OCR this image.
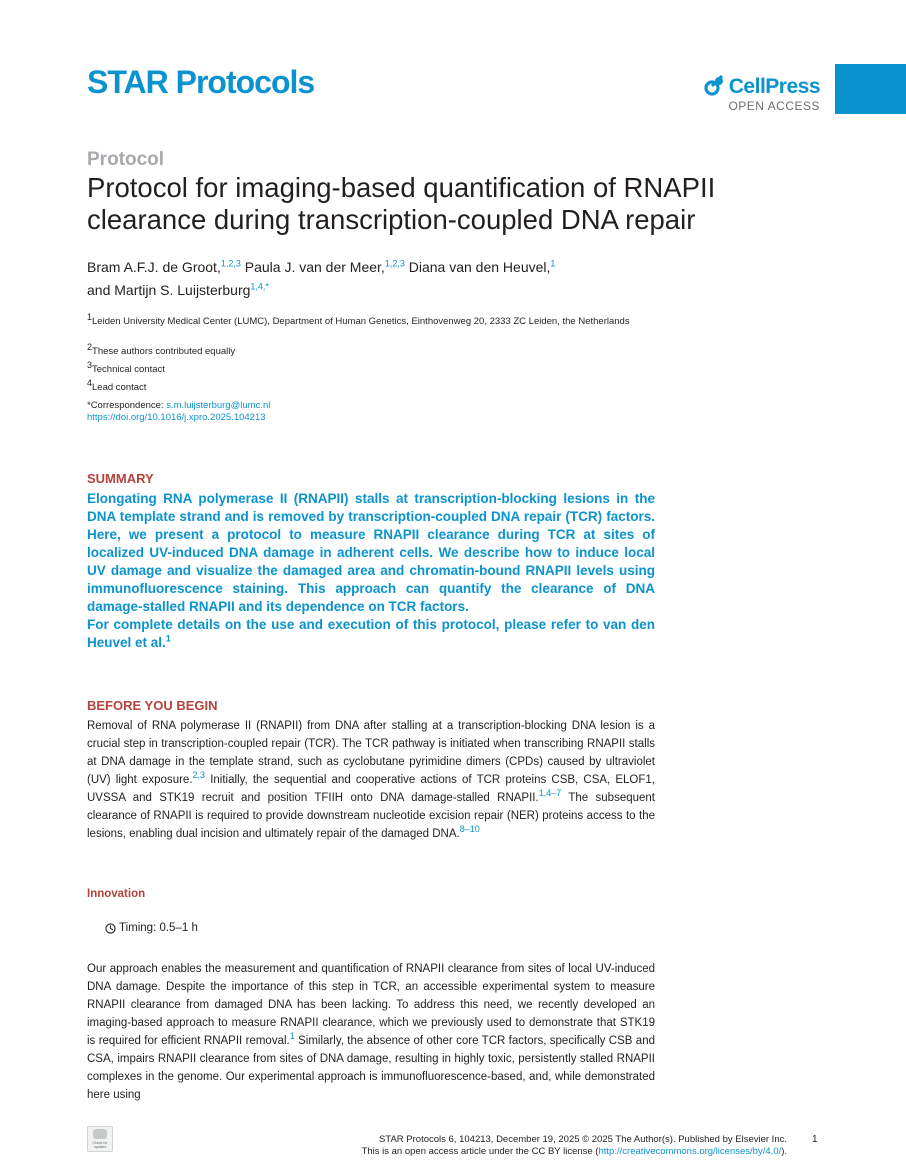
STAR Protocols	CellPress
OPEN ACCESS
Protocol
Protocol for imaging-based quantification of RNAPII clearance during transcription-coupled DNA repair
Bram A.F.J. de Groot,$^{1,2,3}$ Paula J. van der Meer,$^{1,2,3}$ Diana van den Heuvel,$^1$
and Martijn S. Luijsterburg$^{1,4,*}$
$^1$Leiden University Medical Center (LUMC), Department of Human Genetics, Einthovenweg 20, 2333 ZC Leiden, the Netherlands
$^2$These authors contributed equally
$^3$Technical contact
$^4$Lead contact
*Correspondence: s.m.luijsterburg@lumc.nl
https://doi.org/10.1016/j.xpro.2025.104213
SUMMARY

Elongating RNA polymerase II (RNAPII) stalls at transcription-blocking lesions in the DNA template strand and is removed by transcription-coupled DNA repair (TCR) factors. Here, we present a protocol to measure RNAPII clearance during TCR at sites of localized UV-induced DNA damage in adherent cells. We describe how to induce local UV damage and visualize the damaged area and chromatin-bound RNAPII levels using immunofluorescence staining. This approach can quantify the clearance of DNA damage-stalled RNAPII and its dependence on TCR factors.

For complete details on the use and execution of this protocol, please refer to van den Heuvel et al.$^1$

BEFORE YOU BEGIN

Removal of RNA polymerase II (RNAPII) from DNA after stalling at a transcription-blocking DNA lesion is a crucial step in transcription-coupled repair (TCR). The TCR pathway is initiated when transcribing RNAPII stalls at DNA damage in the template strand, such as cyclobutane pyrimidine dimers (CPDs) caused by ultraviolet (UV) light exposure.$^{2,3}$ Initially, the sequential and cooperative actions of TCR proteins CSB, CSA, ELOF1, UVSSA and STK19 recruit and position TFIIH onto DNA damage-stalled RNAPII.$^{1,4-7}$ The subsequent clearance of RNAPII is required to provide downstream nucleotide excision repair (NER) proteins access to the lesions, enabling dual incision and ultimately repair of the damaged DNA.$^{8-10}$

Innovation
Timing: 0.5–1 h

Our approach enables the measurement and quantification of RNAPII clearance from sites of local UV-induced DNA damage. Despite the importance of this step in TCR, an accessible experimental system to measure RNAPII clearance from damaged DNA has been lacking. To address this need, we recently developed an imaging-based approach to measure RNAPII clearance, which we previously used to demonstrate that STK19 is required for efficient RNAPII removal.$^1$ Similarly, the absence of other core TCR factors, specifically CSB and CSA, impairs RNAPII clearance from sites of DNA damage, resulting in highly toxic, persistently stalled RNAPII complexes in the genome. Our experimental approach is immunofluorescence-based, and, while demonstrated here using

Check for updates
STAR Protocols 6, 104213, December 19, 2025 © 2025 The Author(s). Published by Elsevier Inc.
This is an open access article under the CC BY license (http://creativecommons.org/licenses/by/4.0/).
1
